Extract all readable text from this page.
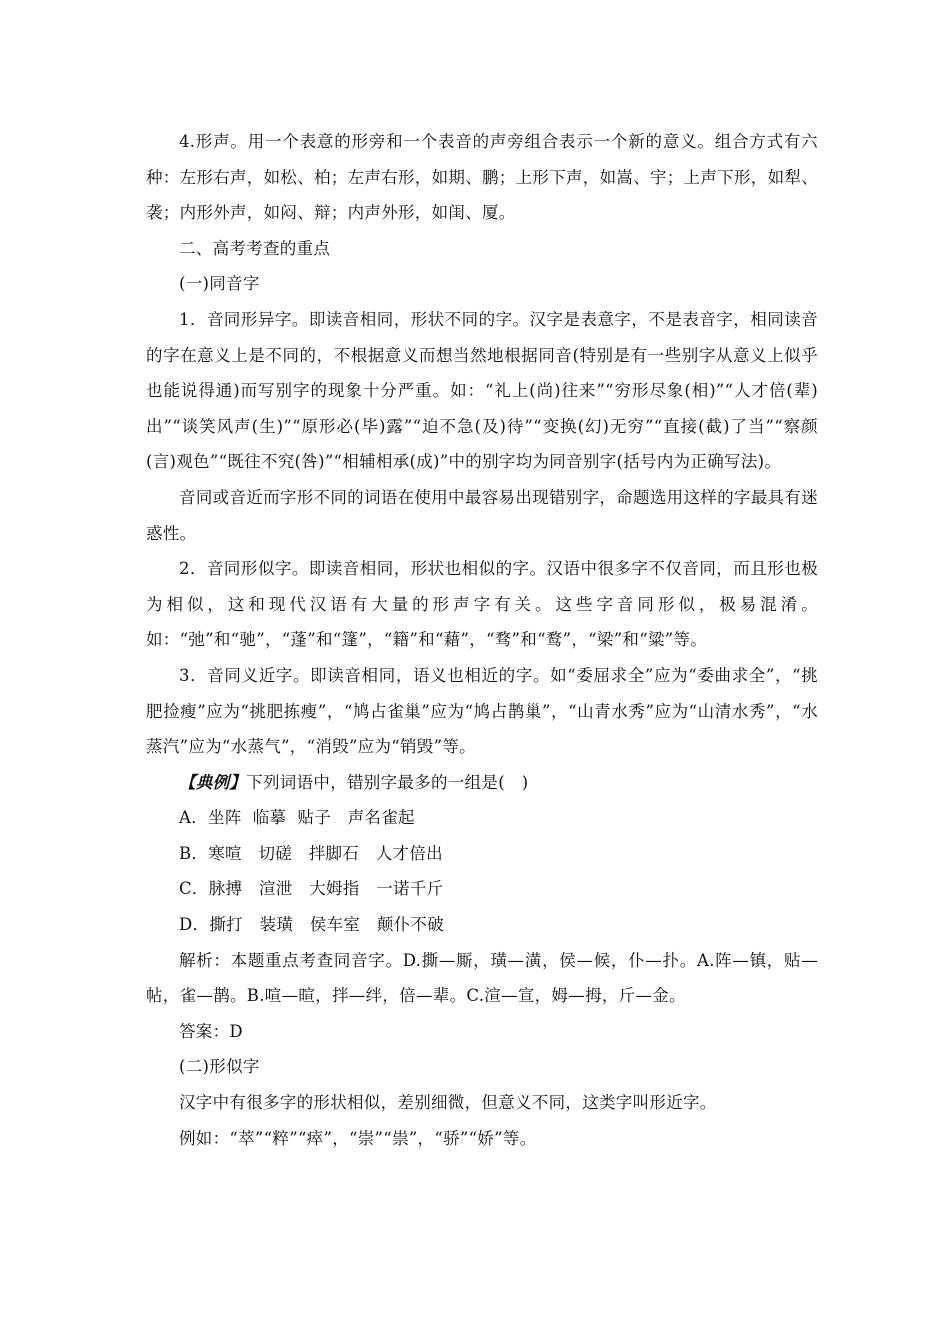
4.形声。用一个表意的形旁和一个表音的声旁组合表示一个新的意义。组合方式有六种：左形右声，如松、柏；左声右形，如期、鹏；上形下声，如嵩、宇；上声下形，如犁、袭；内形外声，如闷、辩；内声外形，如闺、厦。

二、高考考查的重点

(一)同音字

1．音同形异字。即读音相同，形状不同的字。汉字是表意字，不是表音字，相同读音的字在意义上是不同的，不根据意义而想当然地根据同音(特别是有一些别字从意义上似乎也能说得通)而写别字的现象十分严重。如：“礼上(尚)往来”“穷形尽象(相)”“人才倍(辈)出”“谈笑风声(生)”“原形必(毕)露”“迫不急(及)待”“变换(幻)无穷”“直接(截)了当”“察颜(言)观色”“既往不究(咎)”“相辅相承(成)”中的别字均为同音别字(括号内为正确写法)。

音同或音近而字形不同的词语在使用中最容易出现错别字，命题选用这样的字最具有迷惑性。

2．音同形似字。即读音相同，形状也相似的字。汉语中很多字不仅音同，而且形也极为相似，这和现代汉语有大量的形声字有关。这些字音同形似，极易混淆。如：“弛”和“驰”，“蓬”和“篷”，“籍”和“藉”，“骛”和“鹜”，“梁”和“粱”等。

3．音同义近字。即读音相同，语义也相近的字。如“委屈求全”应为“委曲求全”，“挑肥捡瘦”应为“挑肥拣瘦”，“鸠占雀巢”应为“鸠占鹊巢”，“山青水秀”应为“山清水秀”，“水蒸汽”应为“水蒸气”，“消毁”应为“销毁”等。

【典例】下列词语中，错别字最多的一组是(　)

A．坐阵  临摹  贴子   声名雀起

B．寒喧   切磋   拌脚石   人才倍出

C．脉搏   渲泄   大姆指   一诺千斤

D．撕打   装璜   侯车室   颠仆不破

解析：本题重点考查同音字。D.撕—厮，璜—潢，侯—候，仆—扑。A.阵—镇，贴—帖，雀—鹊。B.喧—暄，拌—绊，倍—辈。C.渲—宣，姆—拇，斤—金。

答案：D

(二)形似字

汉字中有很多字的形状相似，差别细微，但意义不同，这类字叫形近字。

例如：“萃”“粹”“瘁”，“崇”“祟”，“骄”“娇”等。
